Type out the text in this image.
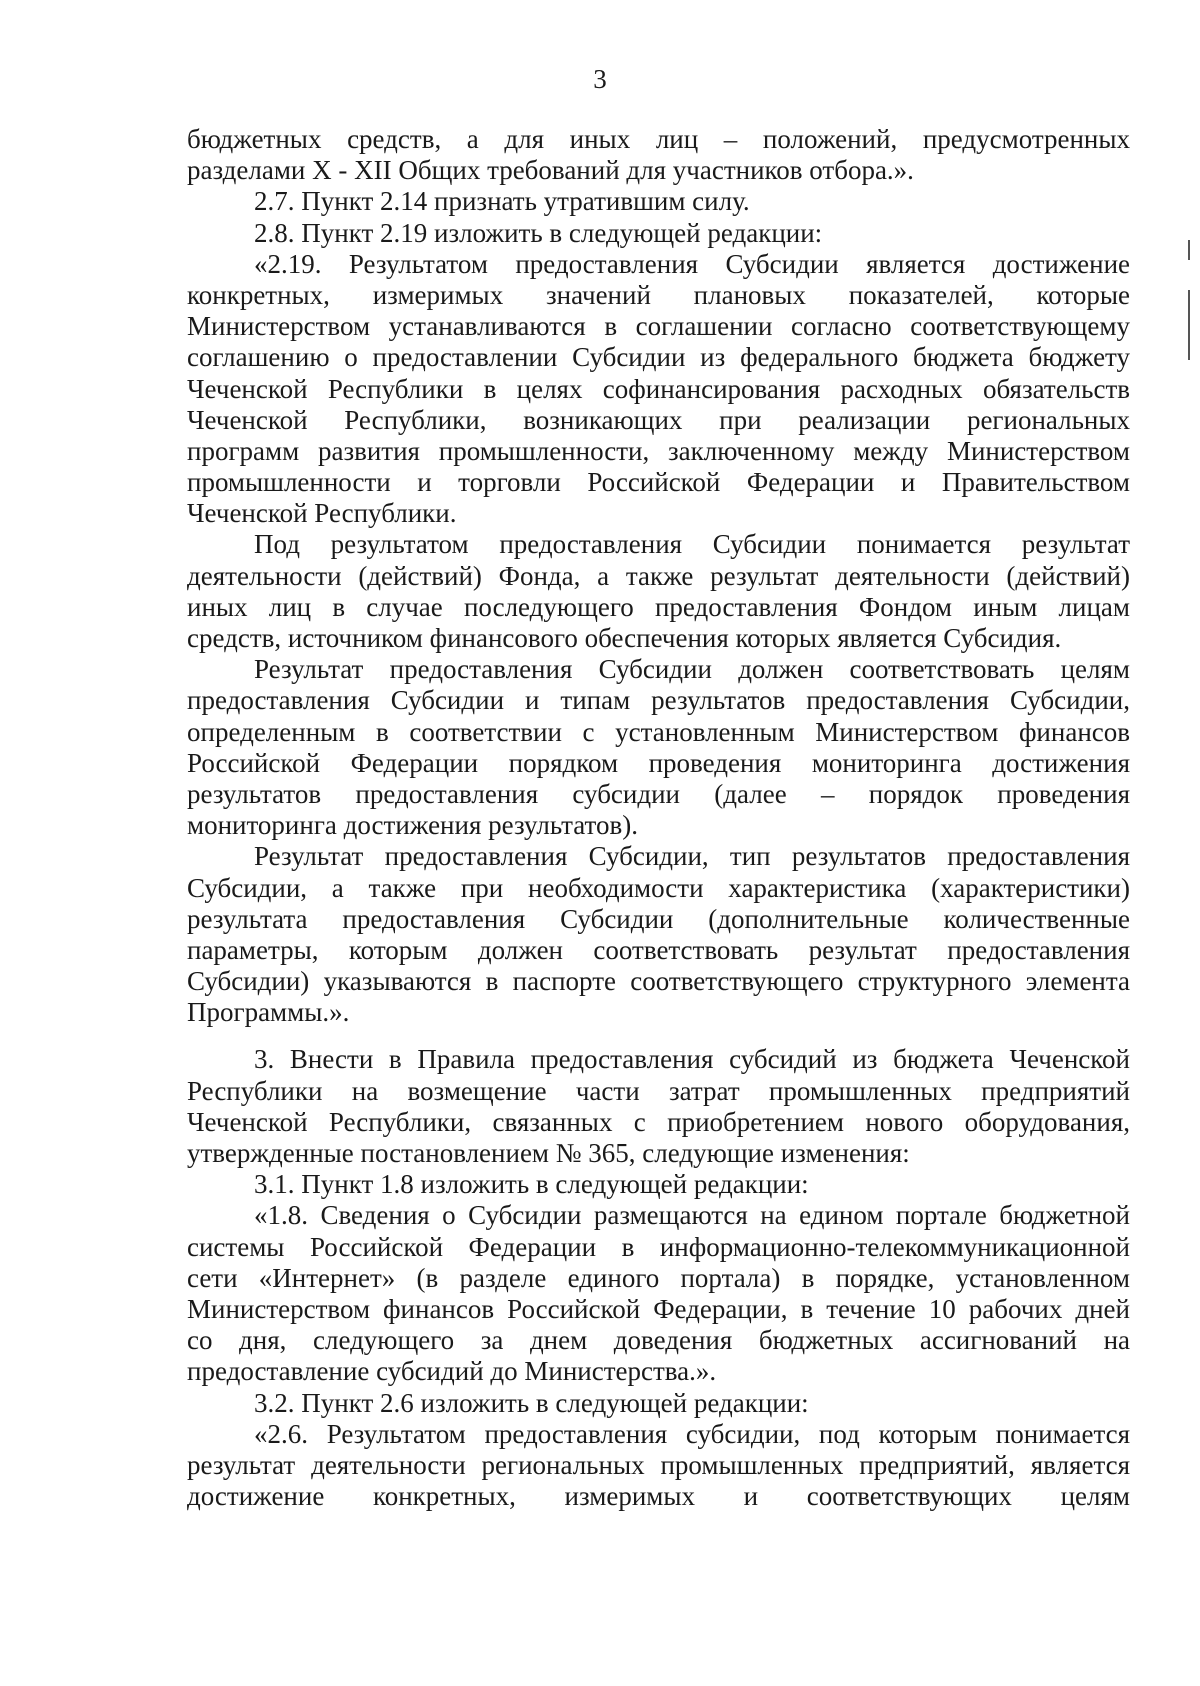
3
бюджетных средств, а для иных лиц – положений, предусмотренных
разделами X - XII Общих требований для участников отбора.».
2.7. Пункт 2.14 признать утратившим силу.
2.8. Пункт 2.19 изложить в следующей редакции:
«2.19. Результатом предоставления Субсидии является достижение
конкретных, измеримых значений плановых показателей, которые
Министерством устанавливаются в соглашении согласно соответствующему
соглашению о предоставлении Субсидии из федерального бюджета бюджету
Чеченской Республики в целях софинансирования расходных обязательств
Чеченской Республики, возникающих при реализации региональных
программ развития промышленности, заключенному между Министерством
промышленности и торговли Российской Федерации и Правительством
Чеченской Республики.
Под результатом предоставления Субсидии понимается результат
деятельности (действий) Фонда, а также результат деятельности (действий)
иных лиц в случае последующего предоставления Фондом иным лицам
средств, источником финансового обеспечения которых является Субсидия.
Результат предоставления Субсидии должен соответствовать целям
предоставления Субсидии и типам результатов предоставления Субсидии,
определенным в соответствии с установленным Министерством финансов
Российской Федерации порядком проведения мониторинга достижения
результатов предоставления субсидии (далее – порядок проведения
мониторинга достижения результатов).
Результат предоставления Субсидии, тип результатов предоставления
Субсидии, а также при необходимости характеристика (характеристики)
результата предоставления Субсидии (дополнительные количественные
параметры, которым должен соответствовать результат предоставления
Субсидии) указываются в паспорте соответствующего структурного элемента
Программы.».
3. Внести в Правила предоставления субсидий из бюджета Чеченской
Республики на возмещение части затрат промышленных предприятий
Чеченской Республики, связанных с приобретением нового оборудования,
утвержденные постановлением № 365, следующие изменения:
3.1. Пункт 1.8 изложить в следующей редакции:
«1.8. Сведения о Субсидии размещаются на едином портале бюджетной
системы Российской Федерации в информационно-телекоммуникационной
сети «Интернет» (в разделе единого портала) в порядке, установленном
Министерством финансов Российской Федерации, в течение 10 рабочих дней
со дня, следующего за днем доведения бюджетных ассигнований на
предоставление субсидий до Министерства.».
3.2. Пункт 2.6 изложить в следующей редакции:
«2.6. Результатом предоставления субсидии, под которым понимается
результат деятельности региональных промышленных предприятий, является
достижение конкретных, измеримых и соответствующих целям
